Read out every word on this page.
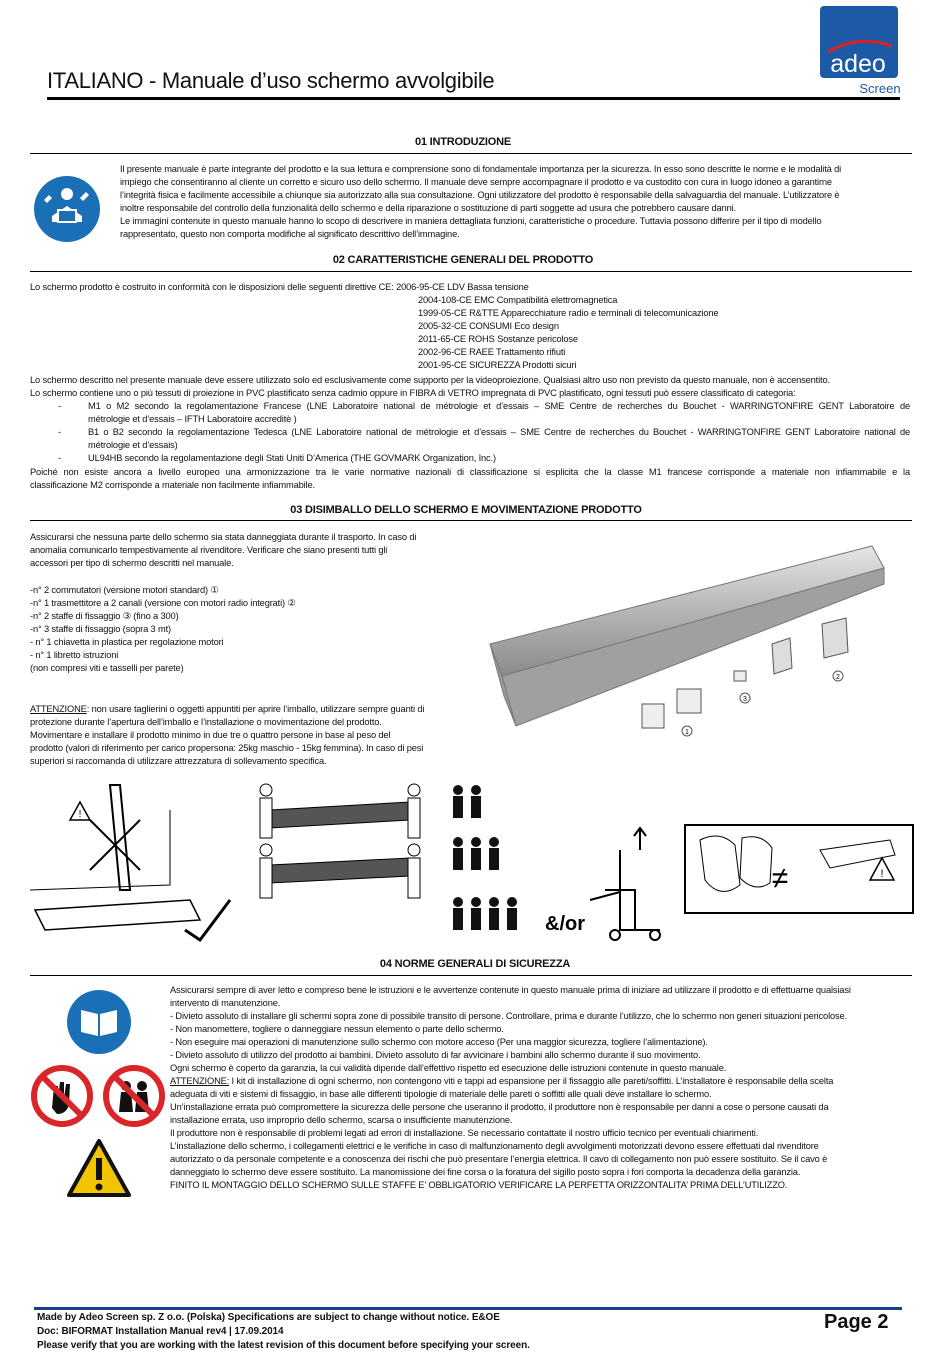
ITALIANO - Manuale d’uso schermo avvolgibile
adeo
Screen
01 INTRODUZIONE

Il presente manuale è parte integrante del prodotto e la sua lettura e comprensione sono di fondamentale importanza per la sicurezza. In esso sono descritte le norme e le modalità di

impiego che consentiranno al cliente un corretto e sicuro uso dello schermo. Il manuale deve sempre accompagnare il prodotto e va custodito con cura in luogo idoneo a garantirne

l’integrità fisica e facilmente accessibile a chiunque sia autorizzato alla sua consultazione. Ogni utilizzatore del prodotto è responsabile della salvaguardia del manuale. L’utilizzatore è

inoltre responsabile del controllo della funzionalità dello schermo e della riparazione o sostituzione di parti soggette ad usura che potrebbero causare danni.

Le immagini contenute in questo manuale hanno lo scopo di descrivere in maniera dettagliata funzioni, caratteristiche o procedure. Tuttavia possono differire per il tipo di modello

rappresentato, questo non comporta modifiche al significato descrittivo dell’immagine.

02 CARATTERISTICHE GENERALI DEL PRODOTTO
Lo schermo prodotto è costruito in conformità con le disposizioni delle seguenti direttive CE: 2006-95-CE LDV Bassa tensione

2004-108-CE EMC Compatibilità elettromagnetica

1999-05-CE R&TTE Apparecchiature radio e terminali di telecomunicazione

2005-32-CE CONSUMI Eco design

2011-65-CE ROHS Sostanze pericolose

2002-96-CE RAEE Trattamento rifiuti

2001-95-CE SICUREZZA Prodotti sicuri

Lo schermo descritto nel presente manuale deve essere utilizzato solo ed esclusivamente come supporto per la videoproiezione. Qualsiasi altro uso non previsto da questo manuale, non è accensentito.

Lo schermo contiene uno o più tessuti di proiezione in PVC plastificato senza cadmio oppure in FIBRA di VETRO impregnata di PVC plastificato, ogni tessuti può essere classificato di categoria:

-	M1 o M2 secondo la regolamentazione Francese (LNE Laboratoire national de métrologie et d’essais – SME Centre de recherches du Bouchet - WARRINGTONFIRE GENT Laboratoire de

métrologie et d’essais – IFTH Laboratoire accreditè )

-	B1 o B2 secondo la regolamentazione Tedesca (LNE Laboratoire national de métrologie et d’essais – SME Centre de recherches du Bouchet - WARRINGTONFIRE GENT Laboratoire national de

métrologie et d’essais)

-	UL94HB secondo la regolamentazione degli Stati Uniti D’America (THE GOVMARK Organization, Inc.)

Poiché non esiste ancora a livello europeo una armonizzazione tra le varie normative nazionali di classificazione si esplicita che la classe M1 francese corrisponde a materiale non infiammabile e la

classificazione M2 corrisponde a materiale non facilmente infiammabile.

03 DISIMBALLO DELLO SCHERMO E MOVIMENTAZIONE PRODOTTO

Assicurarsi che nessuna parte dello schermo sia stata danneggiata durante il trasporto. In caso di

anomalia comunicarlo tempestivamente al rivenditore. Verificare che siano presenti tutti gli

accessori per tipo di schermo descritti nel manuale.

-n° 2 commutatori (versione motori standard) ①

-n° 1 trasmettitore a 2 canali (versione con motori radio integrati) ②

-n° 2 staffe di fissaggio ③ (fino a 300)

-n° 3 staffe di fissaggio (sopra 3 mt)

- n° 1 chiavetta in plastica per regolazione motori

- n° 1 libretto istruzioni

(non compresi viti e tasselli per parete)

ATTENZIONE: non usare taglierini o oggetti appuntiti per aprire l’imballo, utilizzare sempre guanti di

protezione durante l’apertura dell’imballo e l’installazione o movimentazione del prodotto.

Movimentare e installare il prodotto minimo in due tre o quattro persone in base al peso del

prodotto (valori di riferimento per carico propersona: 25kg maschio - 15kg femmina). In caso di pesi

superiori si raccomanda di utilizzare attrezzatura di sollevamento specifica.

2
3
1
!
&/or
≠	!
04 NORME GENERALI DI SICUREZZA

Assicurarsi sempre di aver letto e compreso bene le istruzioni e le avvertenze contenute in questo manuale prima di iniziare ad utilizzare il prodotto e di effettuarne qualsiasi

intervento di manutenzione.

- Divieto assoluto di installare gli schermi sopra zone di possibile transito di persone. Controllare, prima e durante l’utilizzo, che lo schermo non generi situazioni pericolose.

- Non manomettere, togliere o danneggiare nessun elemento o parte dello schermo.

- Non eseguire mai operazioni di manutenzione sullo schermo con motore acceso (Per una maggior sicurezza, togliere l’alimentazione).

- Divieto assoluto di utilizzo del prodotto ai bambini. Divieto assoluto di far avvicinare i bambini allo schermo durante il suo movimento.

Ogni schermo è coperto da garanzia, la cui validità dipende dall’effettivo rispetto ed esecuzione delle istruzioni contenute in questo manuale.

ATTENZIONE: I kit di installazione di ogni schermo, non contengono viti e tappi ad espansione per il fissaggio alle pareti/soffitti. L’installatore è responsabile della scelta

adeguata di viti e sistemi di fissaggio, in base alle differenti tipologie di materiale delle pareti o soffitti alle quali deve installare lo schermo.

Un’installazione errata può compromettere la sicurezza delle persone che useranno il prodotto, il produttore non è responsabile per danni a cose o persone causati da

installazione errata, uso improprio dello schermo, scarsa o insufficiente manutenzione.

Il produttore non è responsabile di problemi legati ad errori di installazione. Se necessario contattate il nostro ufficio tecnico per eventuali chiarimenti.

L’installazione dello schermo, i collegamenti elettrici e le verifiche in caso di malfunzionamento degli avvolgimenti motorizzati devono essere effettuati dal rivenditore

autorizzato o da personale competente e a conoscenza dei rischi che può presentare l’energia elettrica. Il cavo di collegamento non può essere sostituito. Se il cavo è

danneggiato lo schermo deve essere sostituito. La manomissione dei fine corsa o la foratura del sigillo posto sopra i fori comporta la decadenza della garanzia.

FINITO IL MONTAGGIO DELLO SCHERMO SULLE STAFFE E’ OBBLIGATORIO VERIFICARE LA PERFETTA ORIZZONTALITA’ PRIMA DELL’UTILIZZO.

Made by Adeo Screen sp. Z o.o. (Polska) Specifications are subject to change without notice. E&OE
Doc: BIFORMAT Installation Manual rev4 | 17.09.2014
Please verify that you are working with the latest revision of this document before specifying your screen.
Page 2
